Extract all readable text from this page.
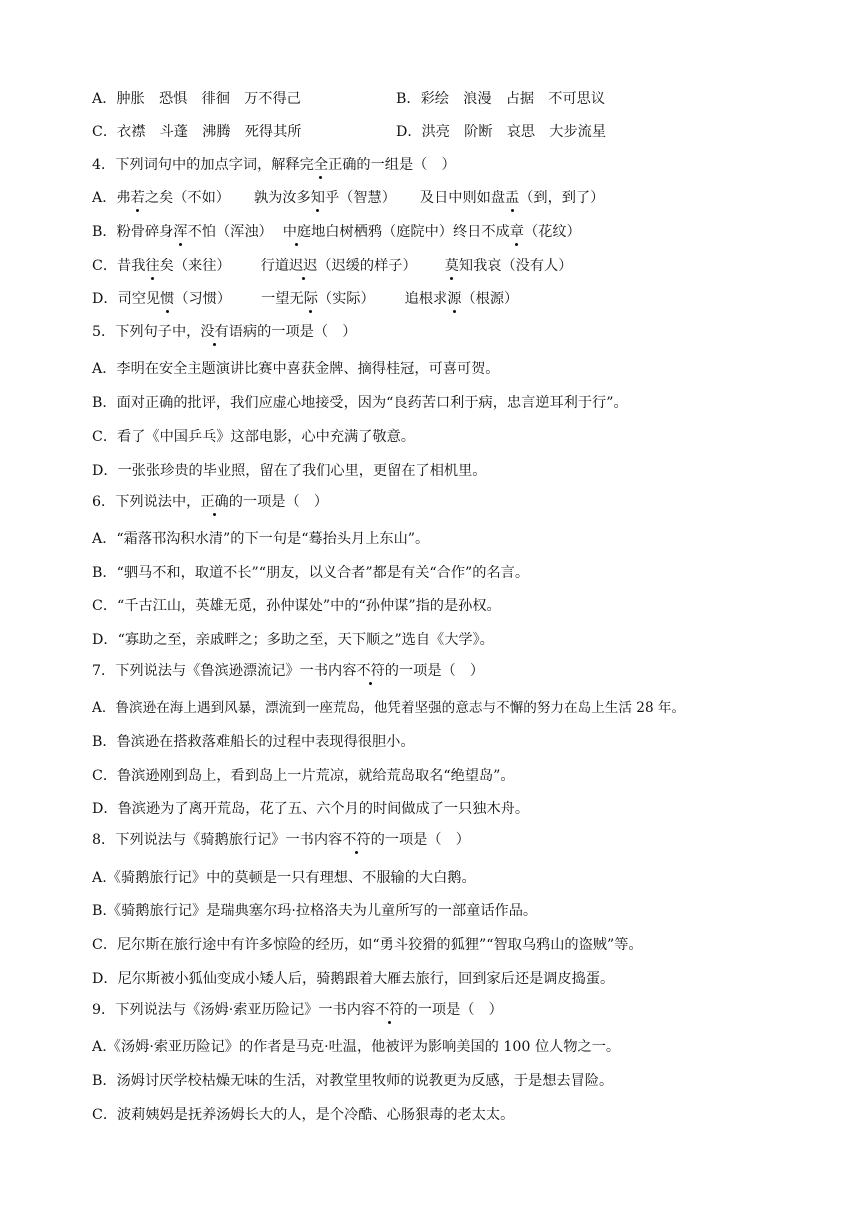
A．肿胀　恐惧　徘徊　万不得己	B．彩绘　浪漫　占据　不可思议
C．衣襟　斗蓬　沸腾　死得其所	D．洪亮　阶断　哀思　大步流星
4．下列词句中的加点字词，解释完全正确的一组是（　）
A．弗若之矣（不如） 孰为汝多知乎（智慧） 及日中则如盘盂（到，到了）
B．粉骨碎身浑不怕（浑浊） 中庭地白树栖鸦（庭院中）终日不成章（花纹）
C．昔我往矣（来往） 行道迟迟（迟缓的样子） 莫知我哀（没有人）
D．司空见惯（习惯） 一望无际（实际） 追根求源（根源）
5．下列句子中，没有语病的一项是（　）
A．李明在安全主题演讲比赛中喜获金牌、摘得桂冠，可喜可贺。
B．面对正确的批评，我们应虚心地接受，因为“良药苦口利于病，忠言逆耳利于行”。
C．看了《中国乒乓》这部电影，心中充满了敬意。
D．一张张珍贵的毕业照，留在了我们心里，更留在了相机里。
6．下列说法中，正确的一项是（　）
A．“霜落邗沟积水清”的下一句是“蓦抬头月上东山”。
B．“驷马不和，取道不长”“朋友，以义合者”都是有关“合作”的名言。
C．“千古江山，英雄无觅，孙仲谋处”中的“孙仲谋”指的是孙权。
D．“寡助之至，亲戚畔之；多助之至，天下顺之”选自《大学》。
7．下列说法与《鲁滨逊漂流记》一书内容不符的一项是（　）
A．鲁滨逊在海上遇到风暴，漂流到一座荒岛，他凭着坚强的意志与不懈的努力在岛上生活 28 年。
B．鲁滨逊在搭救落难船长的过程中表现得很胆小。
C．鲁滨逊刚到岛上，看到岛上一片荒凉，就给荒岛取名“绝望岛”。
D．鲁滨逊为了离开荒岛，花了五、六个月的时间做成了一只独木舟。
8．下列说法与《骑鹅旅行记》一书内容不符的一项是（　）
A.《骑鹅旅行记》中的莫顿是一只有理想、不服输的大白鹅。
B.《骑鹅旅行记》是瑞典塞尔玛·拉格洛夫为儿童所写的一部童话作品。
C．尼尔斯在旅行途中有许多惊险的经历，如“勇斗狡猾的狐狸”“智取乌鸦山的盗贼”等。
D．尼尔斯被小狐仙变成小矮人后，骑鹅跟着大雁去旅行，回到家后还是调皮捣蛋。
9．下列说法与《汤姆·索亚历险记》一书内容不符的一项是（　）
A.《汤姆·索亚历险记》的作者是马克·吐温，他被评为影响美国的 100 位人物之一。
B．汤姆讨厌学校枯燥无味的生活，对教堂里牧师的说教更为反感，于是想去冒险。
C．波莉姨妈是抚养汤姆长大的人，是个冷酷、心肠狠毒的老太太。
